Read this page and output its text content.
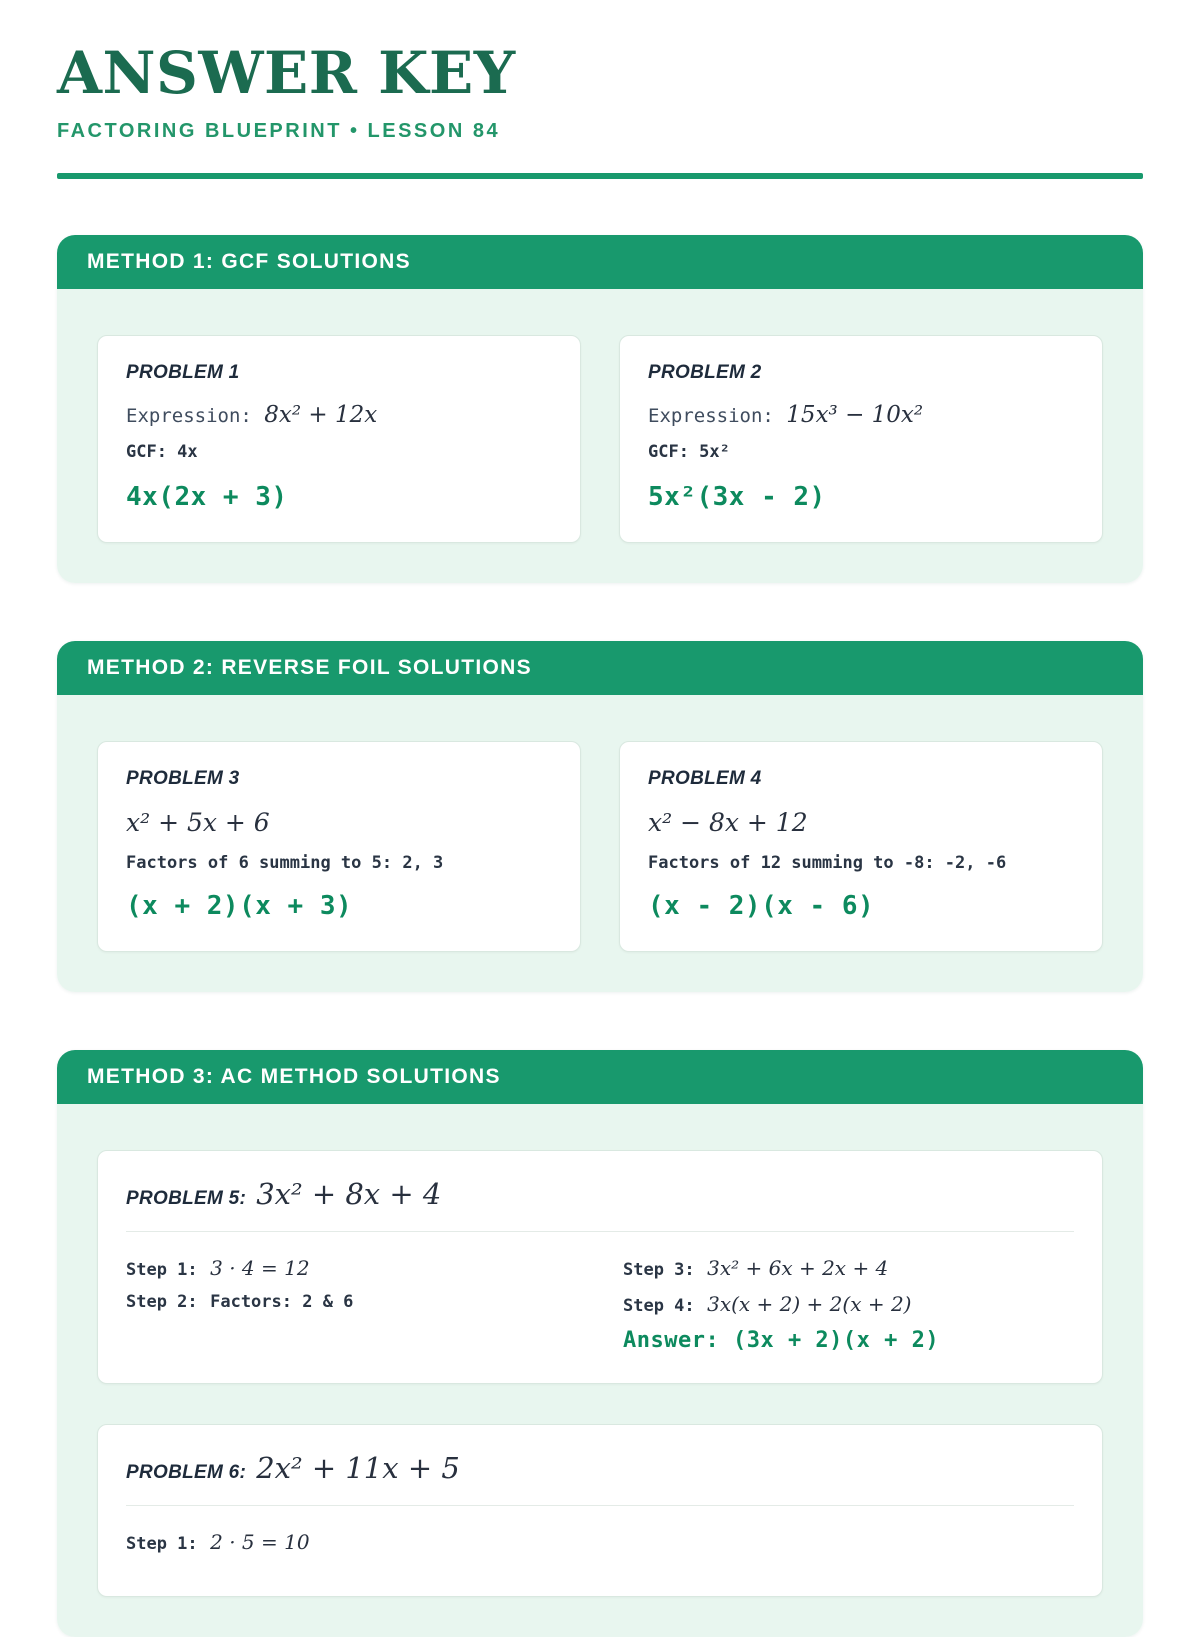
ANSWER KEY
FACTORING BLUEPRINT • LESSON 84
METHOD 1: GCF SOLUTIONS
PROBLEM 1
Expression: 8x² + 12x
GCF: 4x
4x(2x + 3)
PROBLEM 2
Expression: 15x³ − 10x²
GCF: 5x²
5x²(3x - 2)
METHOD 2: REVERSE FOIL SOLUTIONS
PROBLEM 3
x² + 5x + 6
Factors of 6 summing to 5: 2, 3
(x + 2)(x + 3)
PROBLEM 4
x² − 8x + 12
Factors of 12 summing to -8: -2, -6
(x - 2)(x - 6)
METHOD 3: AC METHOD SOLUTIONS
PROBLEM 5: 3x² + 8x + 4
Step 1: 3 · 4 = 12
Step 2: Factors: 2 & 6
Step 3: 3x² + 6x + 2x + 4
Step 4: 3x(x + 2) + 2(x + 2)
Answer: (3x + 2)(x + 2)
PROBLEM 6: 2x² + 11x + 5
Step 1: 2 · 5 = 10
